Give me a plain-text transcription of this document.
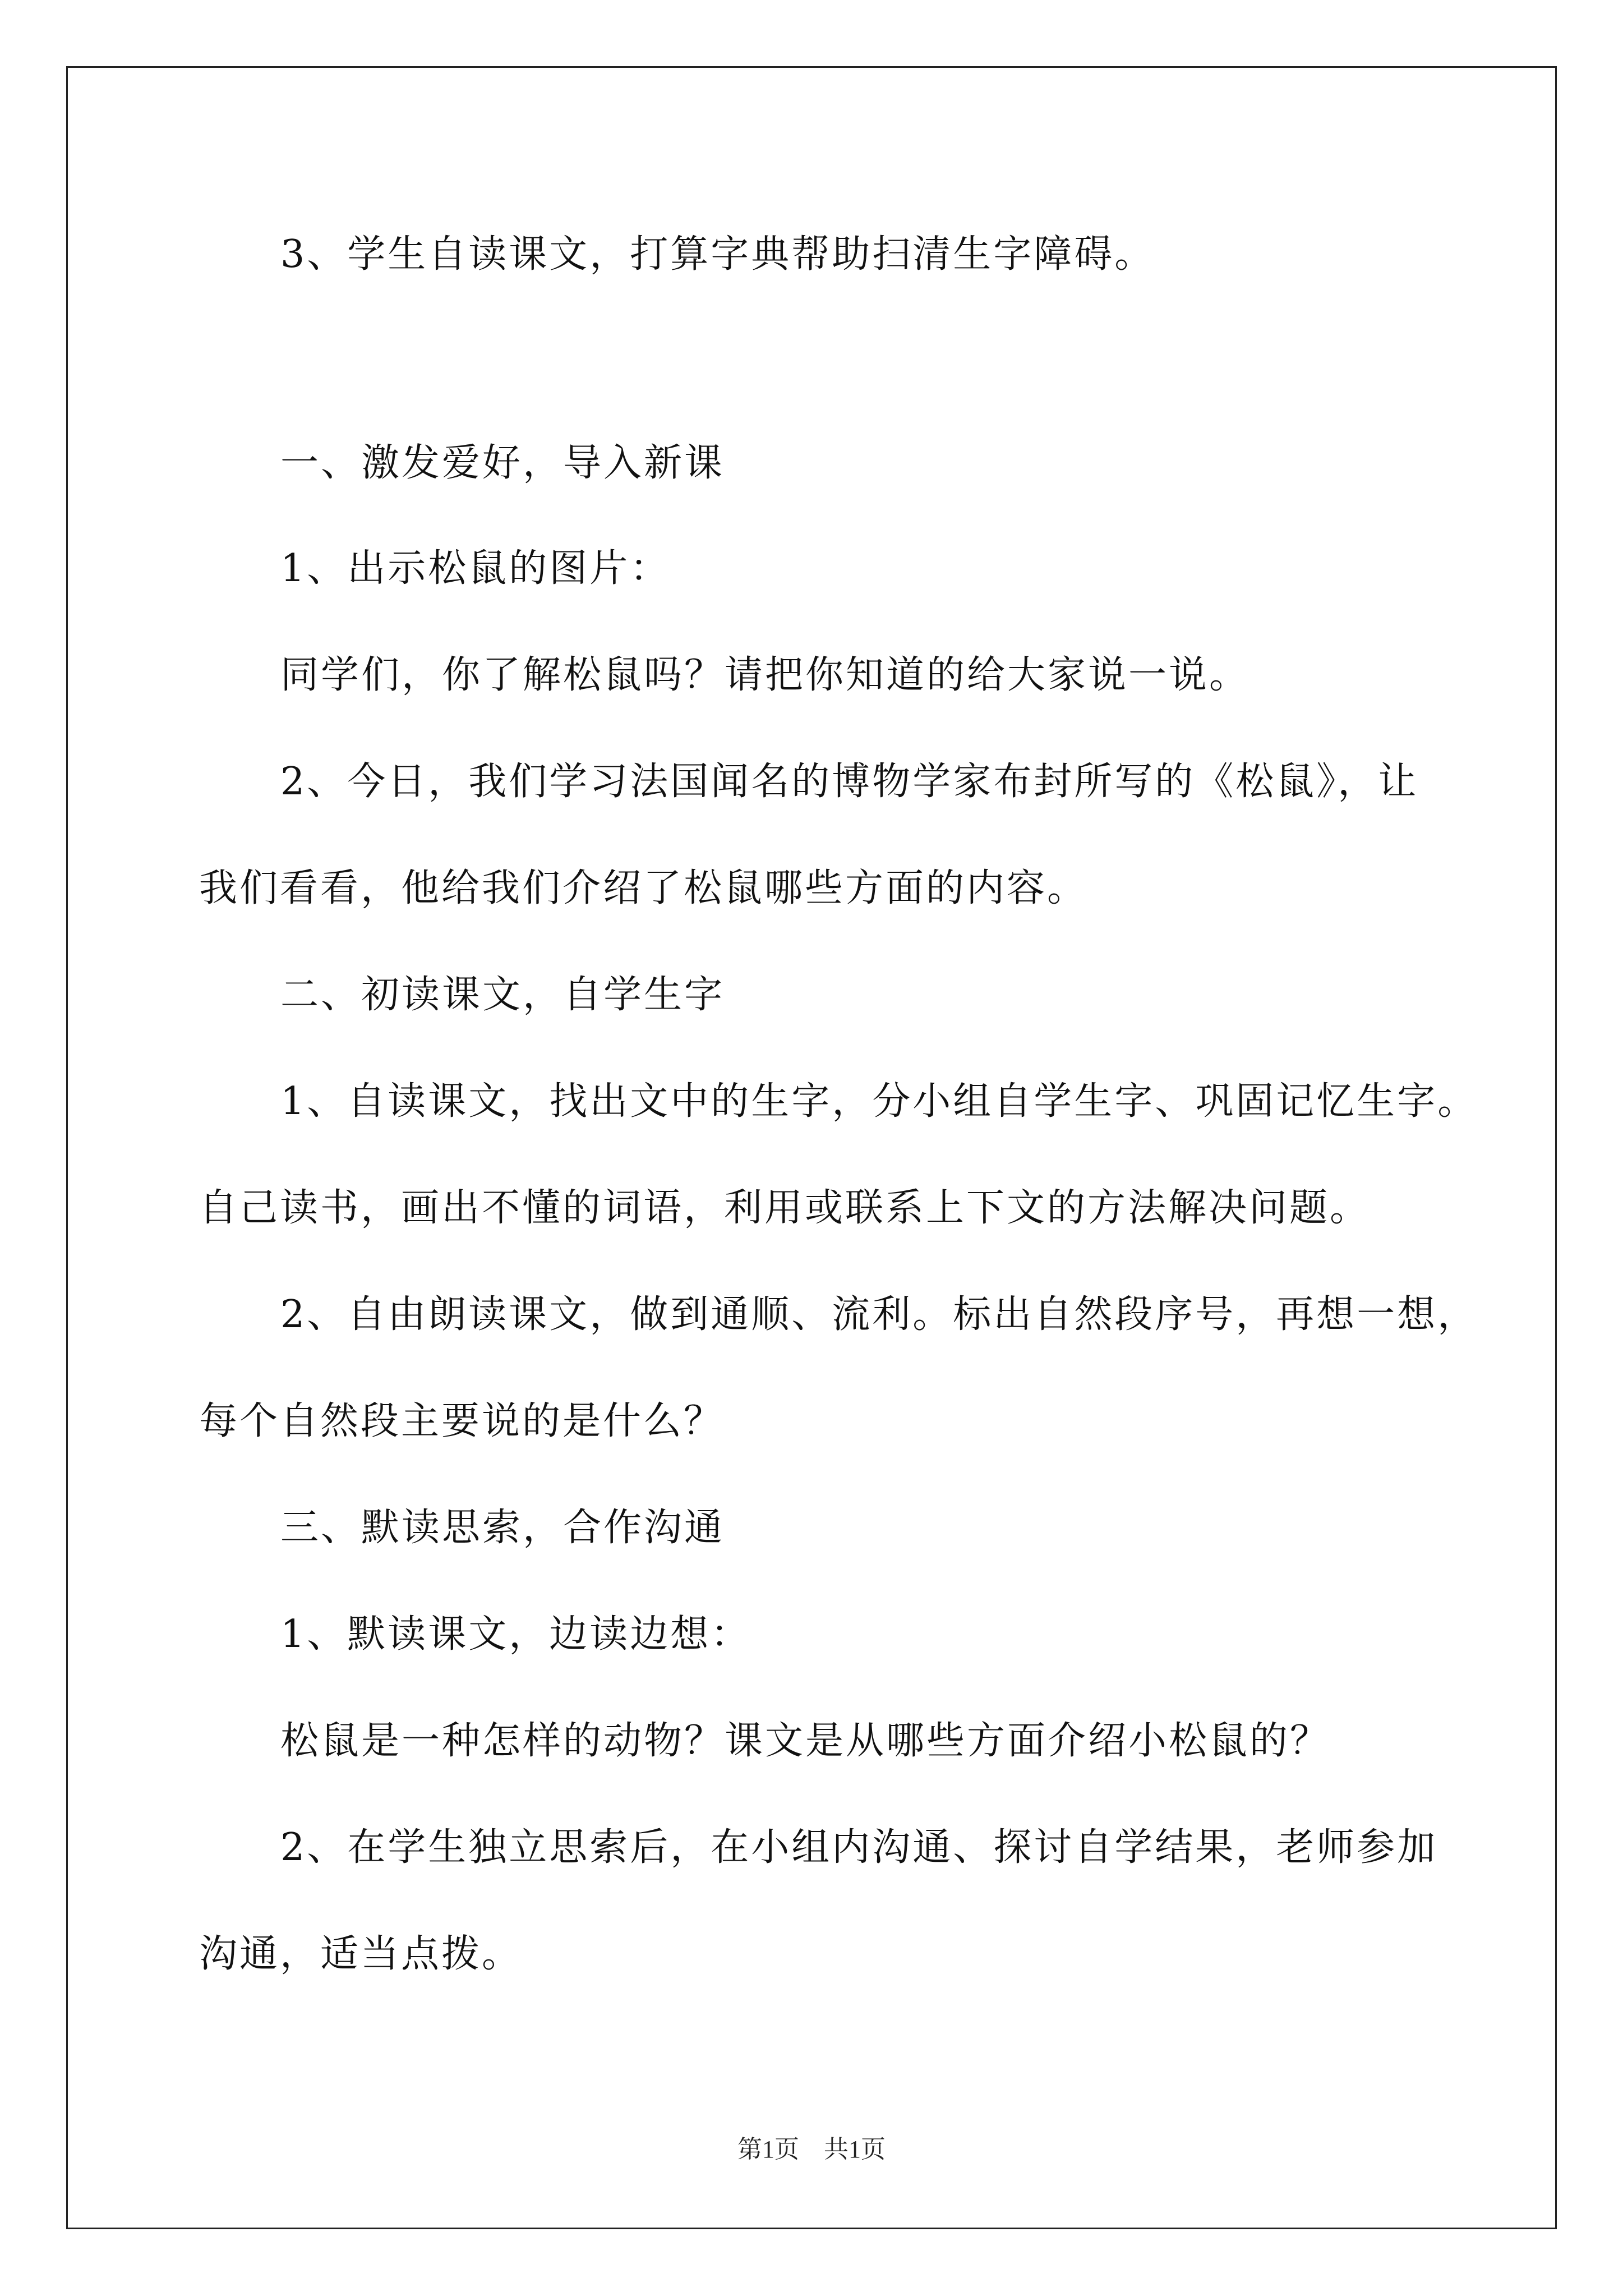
3、学生自读课文，打算字典帮助扫清生字障碍。
一、激发爱好，导入新课
1、出示松鼠的图片：
同学们，你了解松鼠吗？请把你知道的给大家说一说。
2、今日，我们学习法国闻名的博物学家布封所写的《松鼠》，让
我们看看，他给我们介绍了松鼠哪些方面的内容。
二、初读课文，自学生字
1、自读课文，找出文中的生字，分小组自学生字、巩固记忆生字。
自己读书，画出不懂的词语，利用或联系上下文的方法解决问题。
2、自由朗读课文，做到通顺、流利。标出自然段序号，再想一想，
每个自然段主要说的是什么？
三、默读思索，合作沟通
1、默读课文，边读边想：
松鼠是一种怎样的动物？课文是从哪些方面介绍小松鼠的？
2、在学生独立思索后，在小组内沟通、探讨自学结果，老师参加
沟通，适当点拨。
第1页　共1页
